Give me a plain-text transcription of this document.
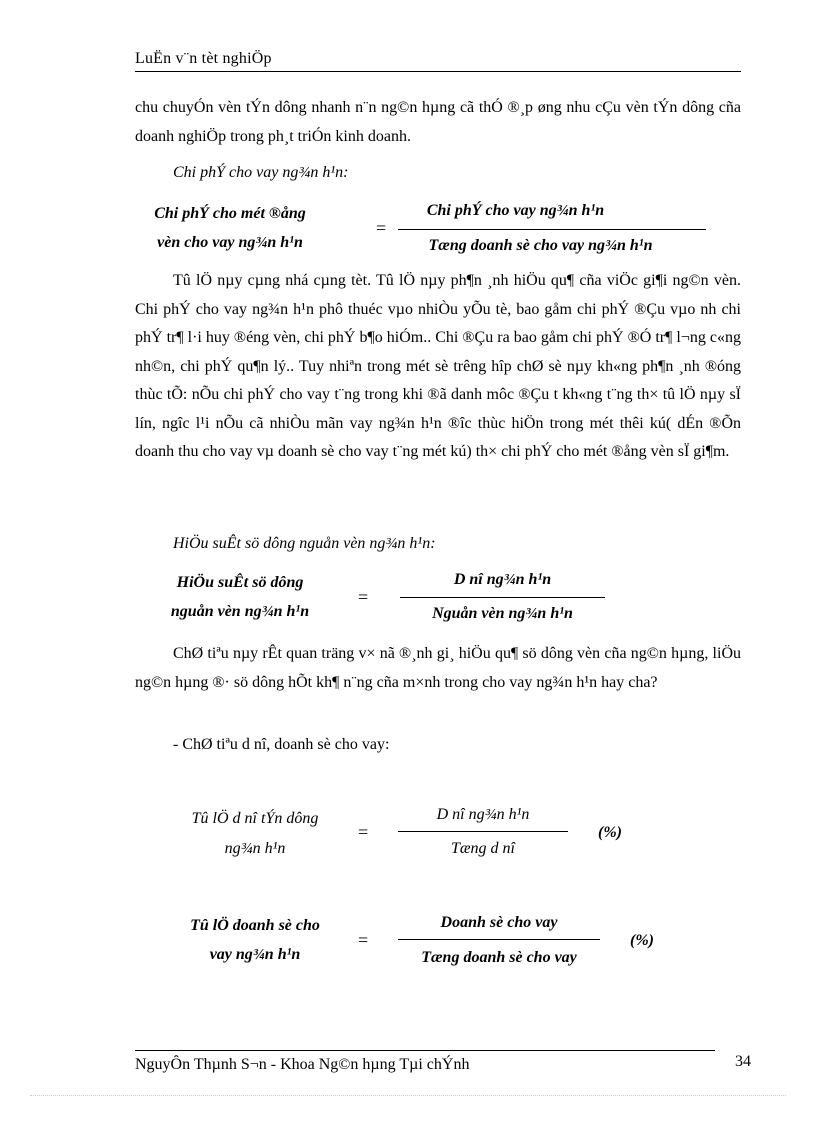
LuËn v¨n tèt nghiÖp
chu chuyÓn vèn tÝn dông nhanh n¨n ng©n hµng cã thÓ ®¸p øng nhu cÇu vèn tÝn dông cña doanh nghiÖp trong ph¸t triÓn kinh doanh.
Chi phÝ cho vay ng¾n h¹n:
Chi phÝ cho mét ®ång
vèn cho vay ng¾n h¹n
=
Chi phÝ cho vay ng¾n h¹n
Tæng doanh sè cho vay ng¾n h¹n
Tû lÖ nµy cµng nhá cµng tèt. Tû lÖ nµy ph¶n ¸nh hiÖu qu¶ cña viÖc gi¶i ng©n vèn. Chi phÝ cho vay ng¾n h¹n phô thuéc vµo nhiÒu yÕu tè, bao gåm chi phÝ ®Çu vµo nh chi phÝ tr¶ l·i huy ®éng vèn, chi phÝ b¶o hiÓm.. Chi ®Çu ra bao gåm chi phÝ ®Ó tr¶ l¬ng c«ng nh©n, chi phÝ qu¶n lý.. Tuy nhiªn trong mét sè trêng hîp chØ sè nµy kh«ng ph¶n ¸nh ®óng thùc tÕ: nÕu chi phÝ cho vay t¨ng trong khi ®ã danh môc ®Çu t kh«ng t¨ng th× tû lÖ nµy sÏ lín, ngîc l¹i nÕu cã nhiÒu mãn vay ng¾n h¹n ®îc thùc hiÖn trong mét thêi kú( dÉn ®Õn doanh thu cho vay vµ doanh sè cho vay t¨ng mét kú) th× chi phÝ cho mét ®ång vèn sÏ gi¶m.
HiÖu suÊt sö dông nguån vèn ng¾n h¹n:
HiÖu suÊt sö dông
nguån vèn ng¾n h¹n
=
D nî ng¾n h¹n
Nguån vèn ng¾n h¹n
ChØ tiªu nµy rÊt quan träng v× nã ®¸nh gi¸ hiÖu qu¶ sö dông vèn cña ng©n hµng, liÖu ng©n hµng ®· sö dông hÕt kh¶ n¨ng cña m×nh trong cho vay ng¾n h¹n hay cha?
- ChØ tiªu d nî, doanh sè cho vay:
Tû lÖ d nî tÝn dông
ng¾n h¹n
=
D nî ng¾n h¹n
Tæng d nî
(%)
Tû lÖ doanh sè cho
vay ng¾n h¹n
=
Doanh sè cho vay
Tæng doanh sè cho vay
(%)
NguyÔn Thµnh S¬n - Khoa Ng©n hµng Tµi chÝnh	34
